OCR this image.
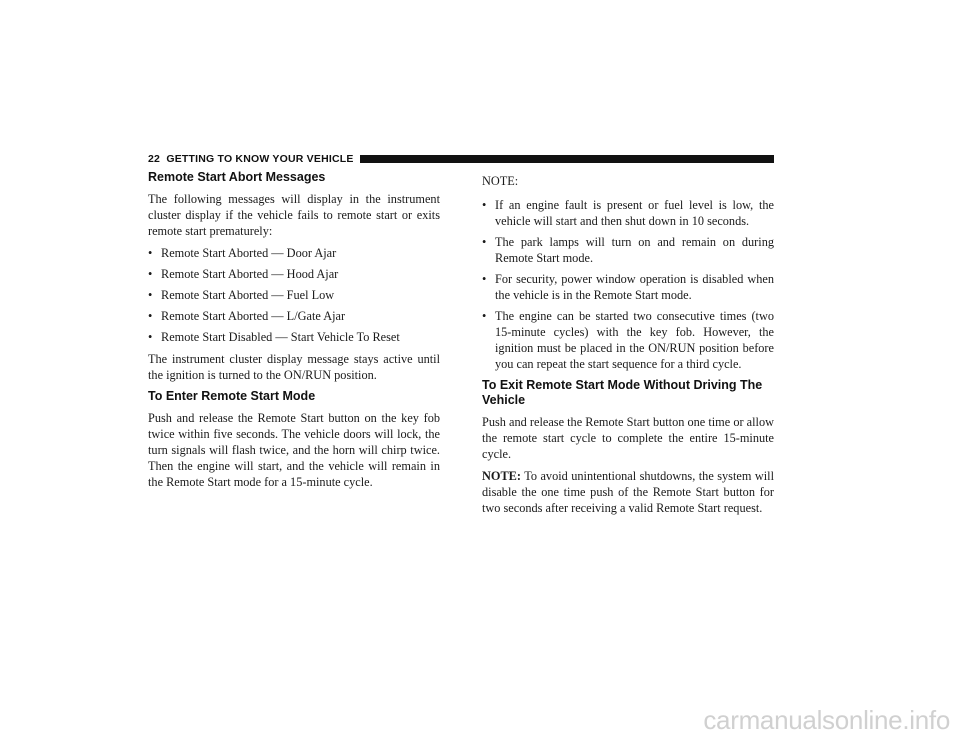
22 GETTING TO KNOW YOUR VEHICLE
Remote Start Abort Messages

The following messages will display in the instrument cluster display if the vehicle fails to remote start or exits remote start prematurely:

• Remote Start Aborted — Door Ajar
• Remote Start Aborted — Hood Ajar
• Remote Start Aborted — Fuel Low
• Remote Start Aborted — L/Gate Ajar
• Remote Start Disabled — Start Vehicle To Reset

The instrument cluster display message stays active until the ignition is turned to the ON/RUN position.

To Enter Remote Start Mode

Push and release the Remote Start button on the key fob twice within five seconds. The vehicle doors will lock, the turn signals will flash twice, and the horn will chirp twice. Then the engine will start, and the vehicle will remain in the Remote Start mode for a 15-minute cycle.

NOTE:
• If an engine fault is present or fuel level is low, the vehicle will start and then shut down in 10 seconds.
• The park lamps will turn on and remain on during Remote Start mode.
• For security, power window operation is disabled when the vehicle is in the Remote Start mode.
• The engine can be started two consecutive times (two 15-minute cycles) with the key fob. However, the ignition must be placed in the ON/RUN position before you can repeat the start sequence for a third cycle.
To Exit Remote Start Mode Without Driving The Vehicle

Push and release the Remote Start button one time or allow the remote start cycle to complete the entire 15-minute cycle.

NOTE: To avoid unintentional shutdowns, the system will disable the one time push of the Remote Start button for two seconds after receiving a valid Remote Start request.

carmanualsonline.info
